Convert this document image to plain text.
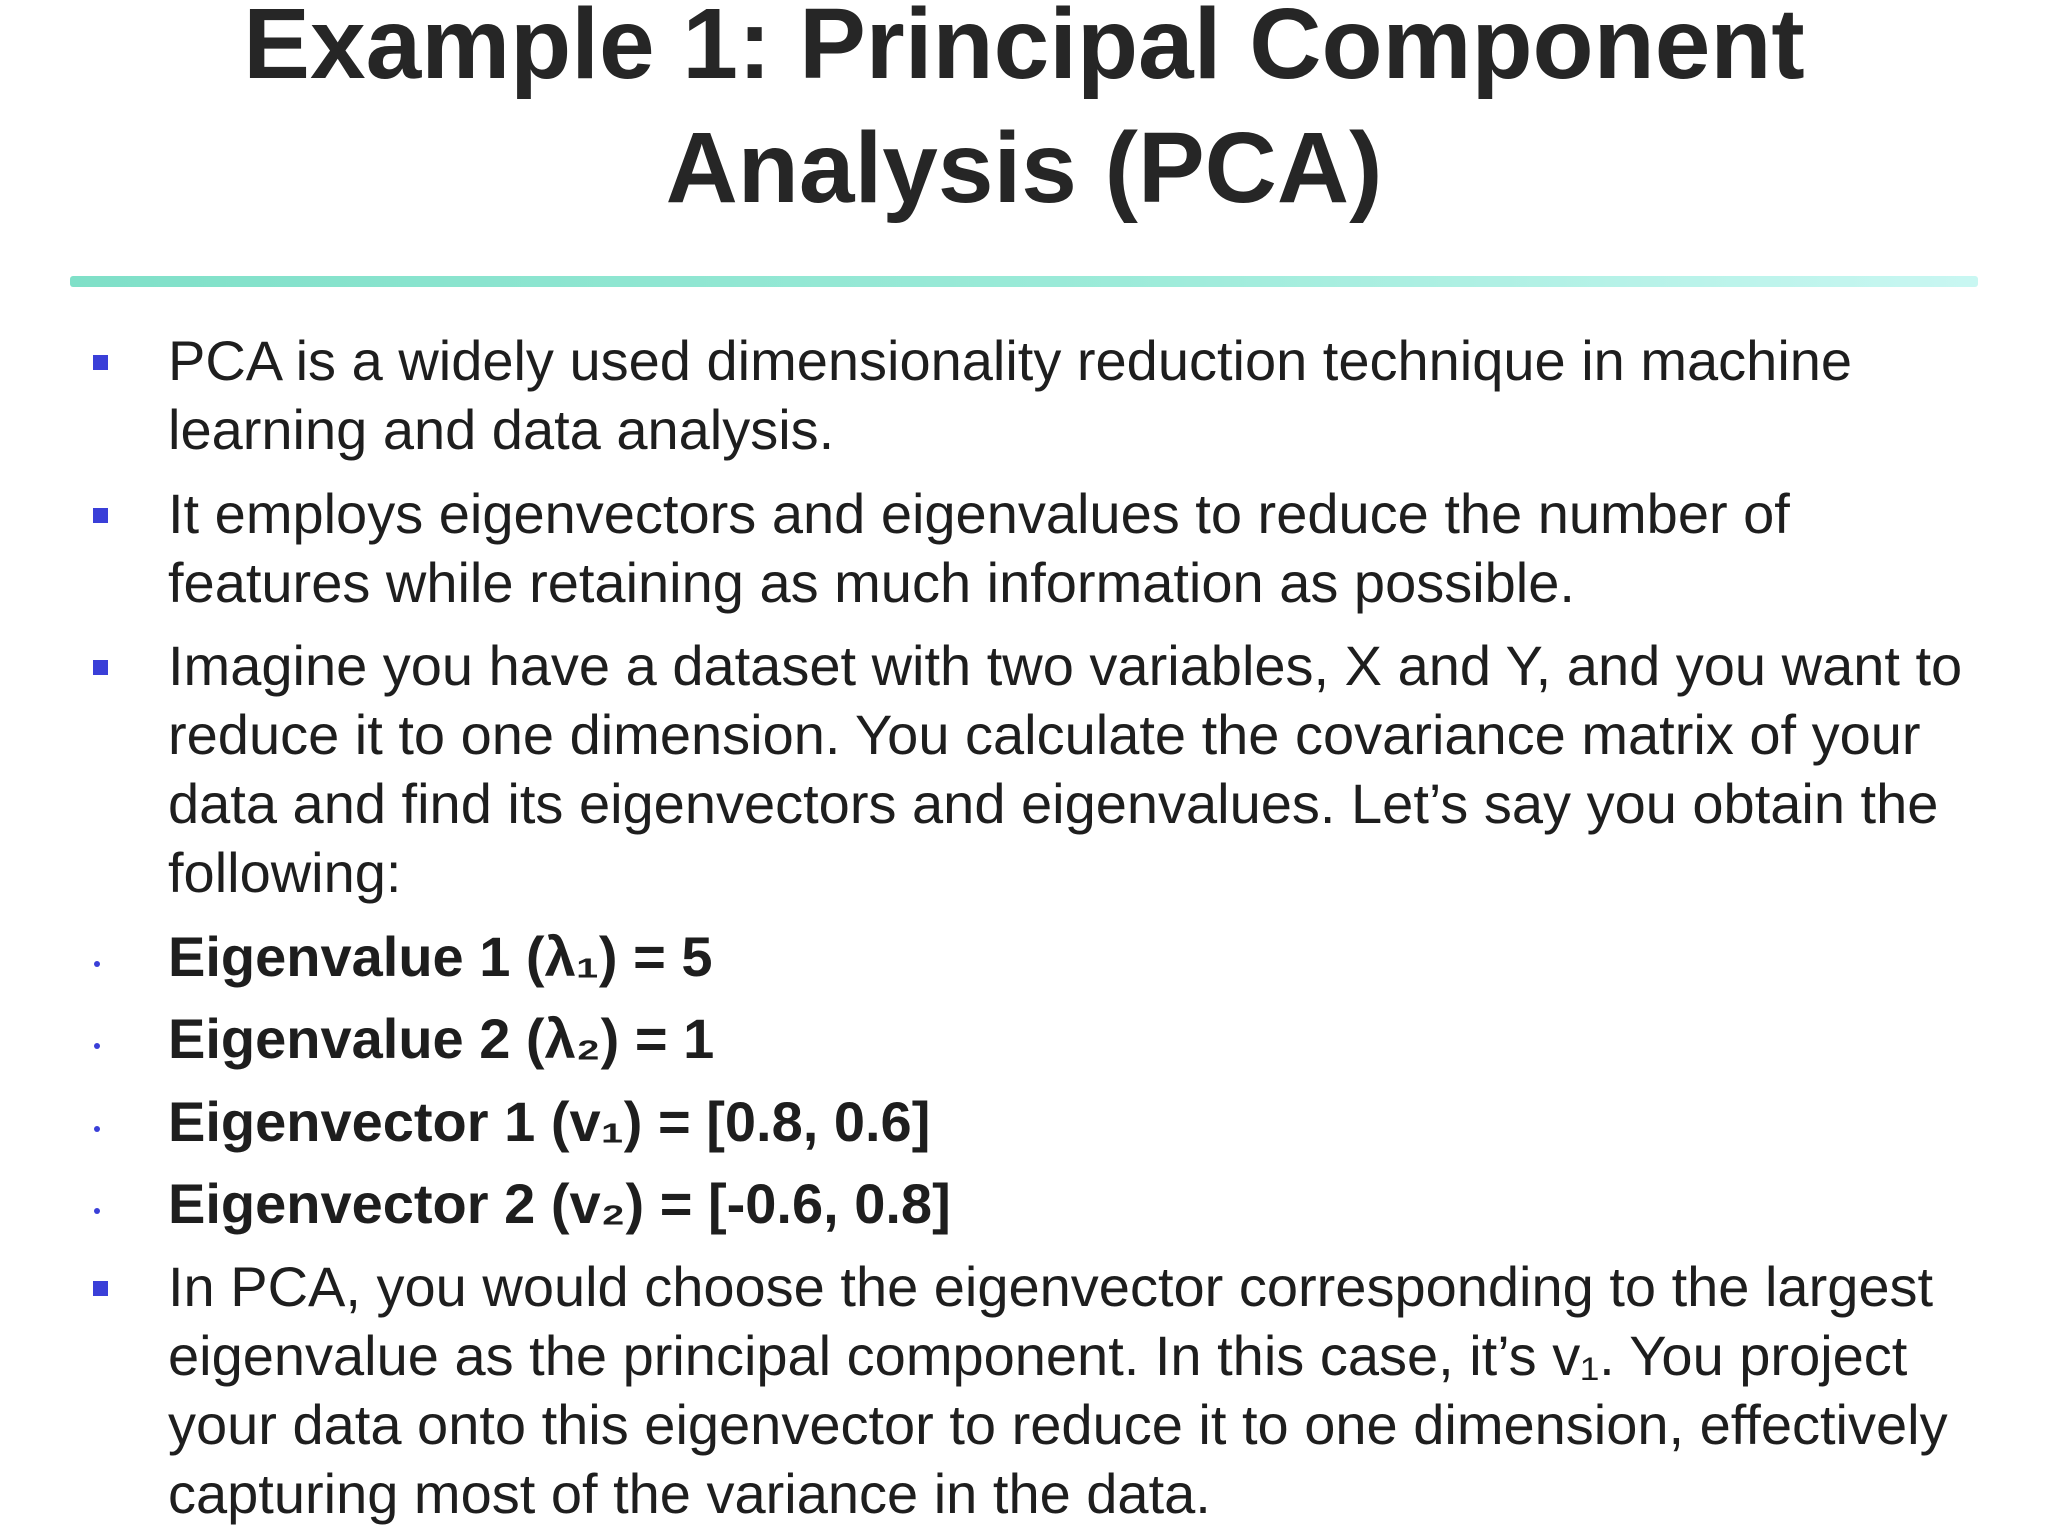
Example 1: Principal Component
Analysis (PCA)

PCA is a widely used dimensionality reduction technique in machine learning and data analysis.

It employs eigenvectors and eigenvalues to reduce the number of features while retaining as much information as possible.

Imagine you have a dataset with two variables, X and Y, and you want to reduce it to one dimension. You calculate the covariance matrix of your data and find its eigenvectors and eigenvalues. Let’s say you obtain the following:

Eigenvalue 1 (λ₁) = 5

Eigenvalue 2 (λ₂) = 1

Eigenvector 1 (v₁) = [0.8, 0.6]

Eigenvector 2 (v₂) = [-0.6, 0.8]

In PCA, you would choose the eigenvector corresponding to the largest eigenvalue as the principal component. In this case, it’s v₁. You project your data onto this eigenvector to reduce it to one dimension, effectively capturing most of the variance in the data.
